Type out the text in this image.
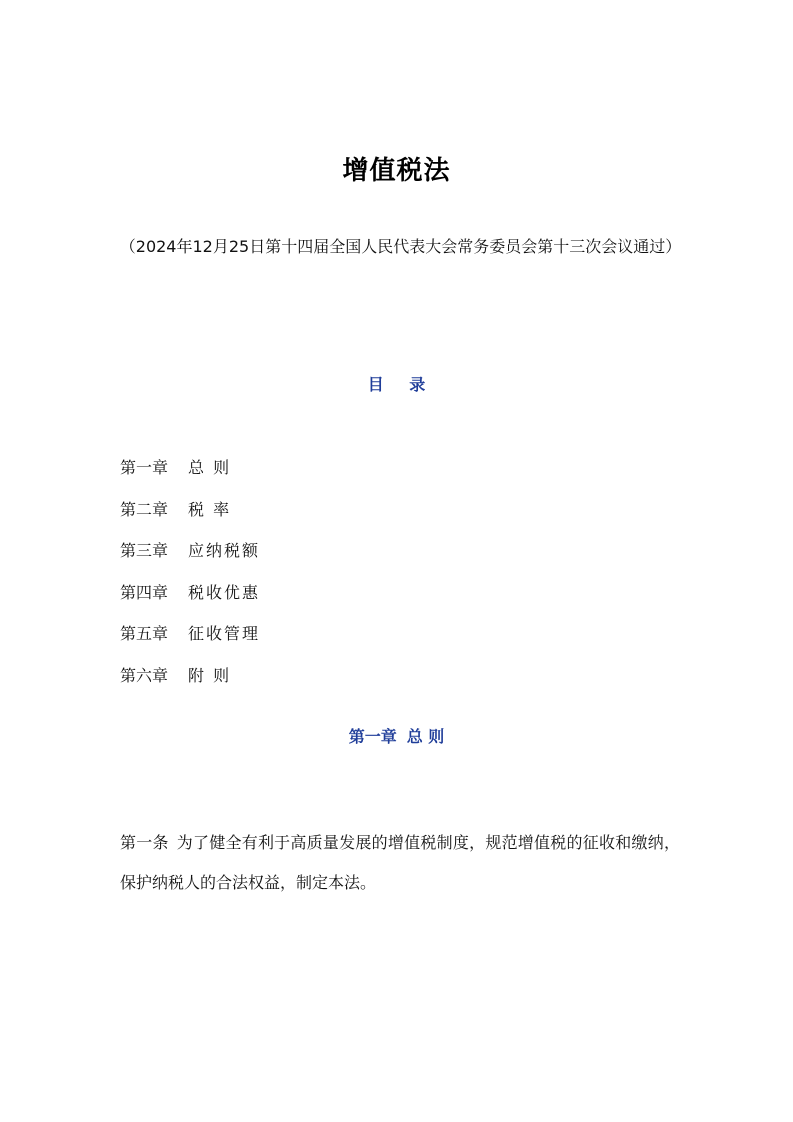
增值税法

（2024年12月25日第十四届全国人民代表大会常务委员会第十三次会议通过）

目 录
第一章 总 则
第二章 税 率
第三章 应纳税额
第四章 税收优惠
第五章 征收管理
第六章 附 则
第一章 总 则

第一条 为了健全有利于高质量发展的增值税制度，规范增值税的征收和缴纳，保护纳税人的合法权益，制定本法。
